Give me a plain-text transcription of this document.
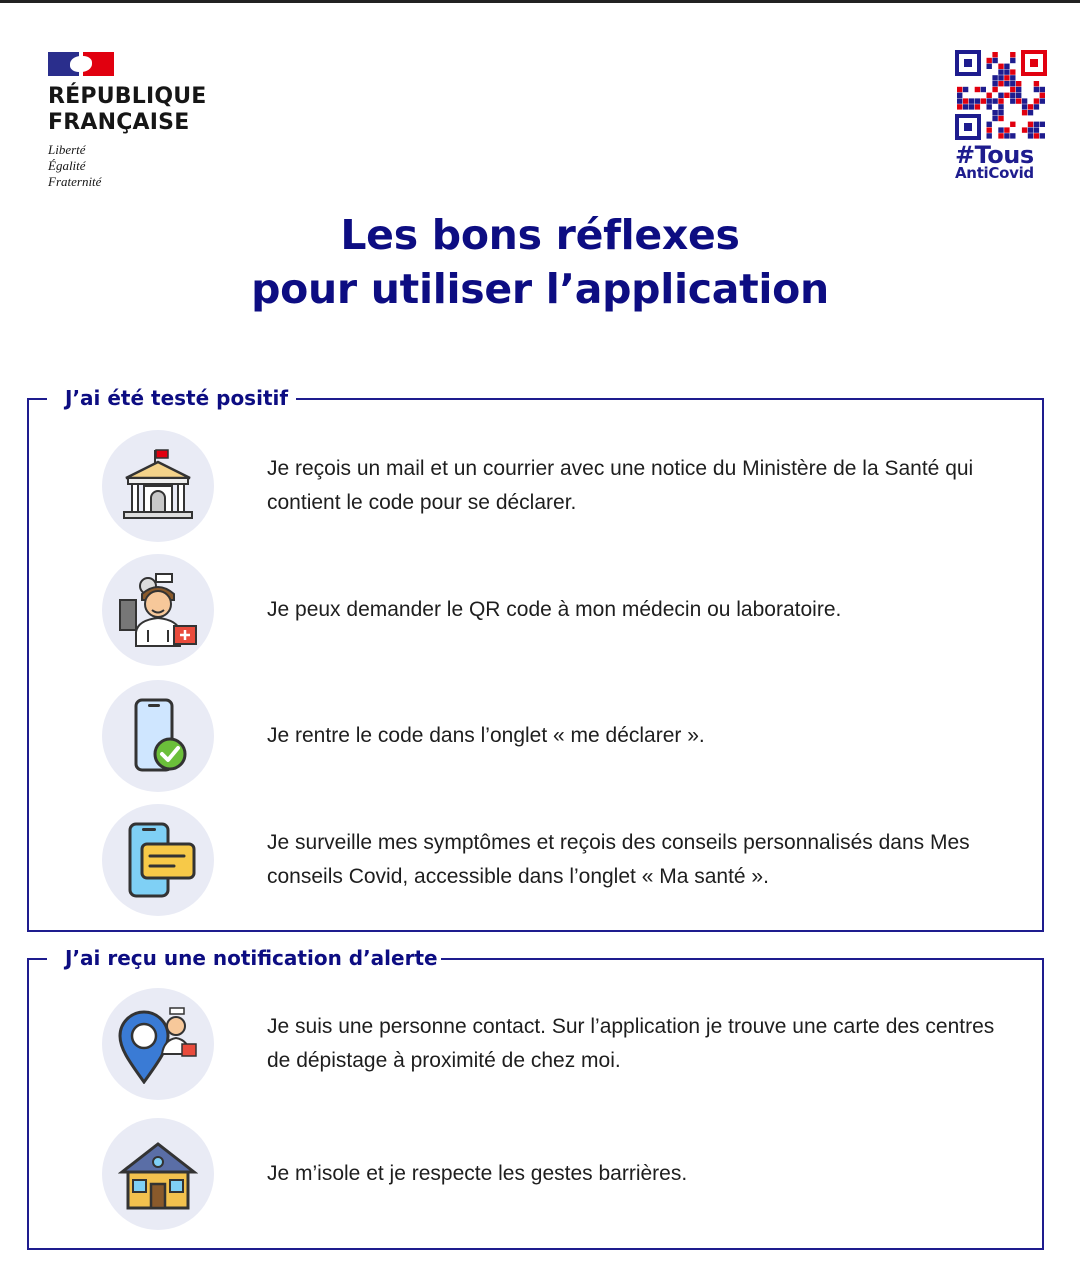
RÉPUBLIQUE
FRANÇAISE
Liberté
Égalité
Fraternité
#Tous
AntiCovid
Les bons réflexes
pour utiliser l’application
J’ai été testé positif
Je reçois un mail et un courrier avec une notice du Ministère de la Santé qui contient le code pour se déclarer.
Je peux demander le QR code à mon médecin ou laboratoire.
Je rentre le code dans l’onglet « me déclarer ».
Je surveille mes symptômes et reçois des conseils personnalisés dans Mes conseils Covid, accessible dans l’onglet « Ma santé ».
J’ai reçu une notification d’alerte
Je suis une personne contact. Sur l’application je trouve une carte des centres de dépistage à proximité de chez moi.
Je m’isole et je respecte les gestes barrières.
